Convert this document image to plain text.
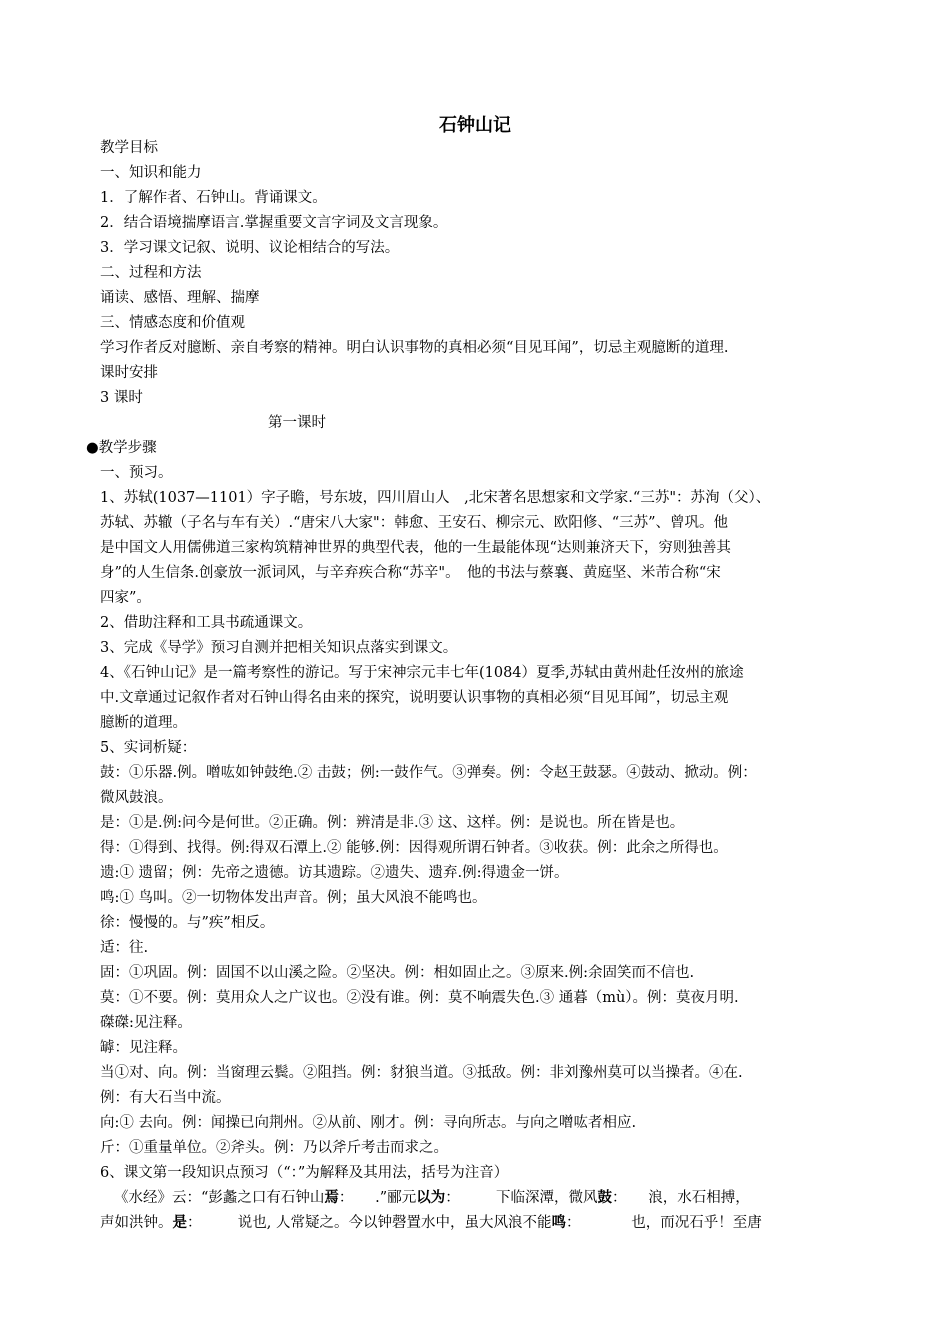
石钟山记
教学目标
一、知识和能力
1．了解作者、石钟山。背诵课文。
2．结合语境揣摩语言.掌握重要文言字词及文言现象。
3．学习课文记叙、说明、议论相结合的写法。
二、过程和方法
诵读、感悟、理解、揣摩
三、情感态度和价值观
学习作者反对臆断、亲自考察的精神。明白认识事物的真相必须“目见耳闻”，切忌主观臆断的道理.
课时安排
3 课时
第一课时
●教学步骤
一、预习。
1、苏轼(1037—1101）字子瞻，号东坡，四川眉山人　,北宋著名思想家和文学家.“三苏"：苏洵（父）、
苏轼、苏辙（子名与车有关）.“唐宋八大家"：韩愈、王安石、柳宗元、欧阳修、“三苏”、曾巩。他
是中国文人用儒佛道三家构筑精神世界的典型代表，他的一生最能体现“达则兼济天下，穷则独善其
身”的人生信条.创豪放一派词风，与辛弃疾合称“苏辛"。　他的书法与蔡襄、黄庭坚、米芾合称“宋
四家”。
2、借助注释和工具书疏通课文。
3、完成《导学》预习自测并把相关知识点落实到课文。
4、《石钟山记》是一篇考察性的游记。写于宋神宗元丰七年(1084）夏季,苏轼由黄州赴任汝州的旅途
中.文章通过记叙作者对石钟山得名由来的探究，说明要认识事物的真相必须“目见耳闻”，切忌主观
臆断的道理。
5、实词析疑：
鼓：①乐器.例。噌吰如钟鼓绝.② 击鼓；例:一鼓作气。③弹奏。例：令赵王鼓瑟。④鼓动、掀动。例：
微风鼓浪。
是：①是.例:问今是何世。②正确。例：辨清是非.③ 这、这样。例：是说也。所在皆是也。
得：①得到、找得。例:得双石潭上.② 能够.例：因得观所谓石钟者。③收获。例：此余之所得也。
遗:① 遗留；例：先帝之遗德。访其遗踪。②遗失、遗弃.例:得遗金一饼。
鸣:① 鸟叫。②一切物体发出声音。例；虽大风浪不能鸣也。
徐：慢慢的。与”疾”相反。
适：往.
固：①巩固。例：固国不以山溪之险。②坚决。例：相如固止之。③原来.例:余固笑而不信也.
莫：①不要。例：莫用众人之广议也。②没有谁。例：莫不响震失色.③ 通暮（mù）。例：莫夜月明.
磔磔:见注释。
罅：见注释。
当①对、向。例：当窗理云鬓。②阻挡。例：豺狼当道。③抵敌。例：非刘豫州莫可以当操者。④在.
例：有大石当中流。
向:① 去向。例：闻操已向荆州。②从前、刚才。例：寻向所志。与向之噌吰者相应.
斤：①重量单位。②斧头。例：乃以斧斤考击而求之。
6、课文第一段知识点预习（“：”为解释及其用法，括号为注音）
《水经》云：“彭蠡之口有石钟山焉：　　.”郦元以为：　　　下临深潭，微风鼓：　　浪，水石相搏，
声如洪钟。是：　　　说也, 人常疑之。今以钟磬置水中，虽大风浪不能鸣：　　　　也，而况石乎！至唐
